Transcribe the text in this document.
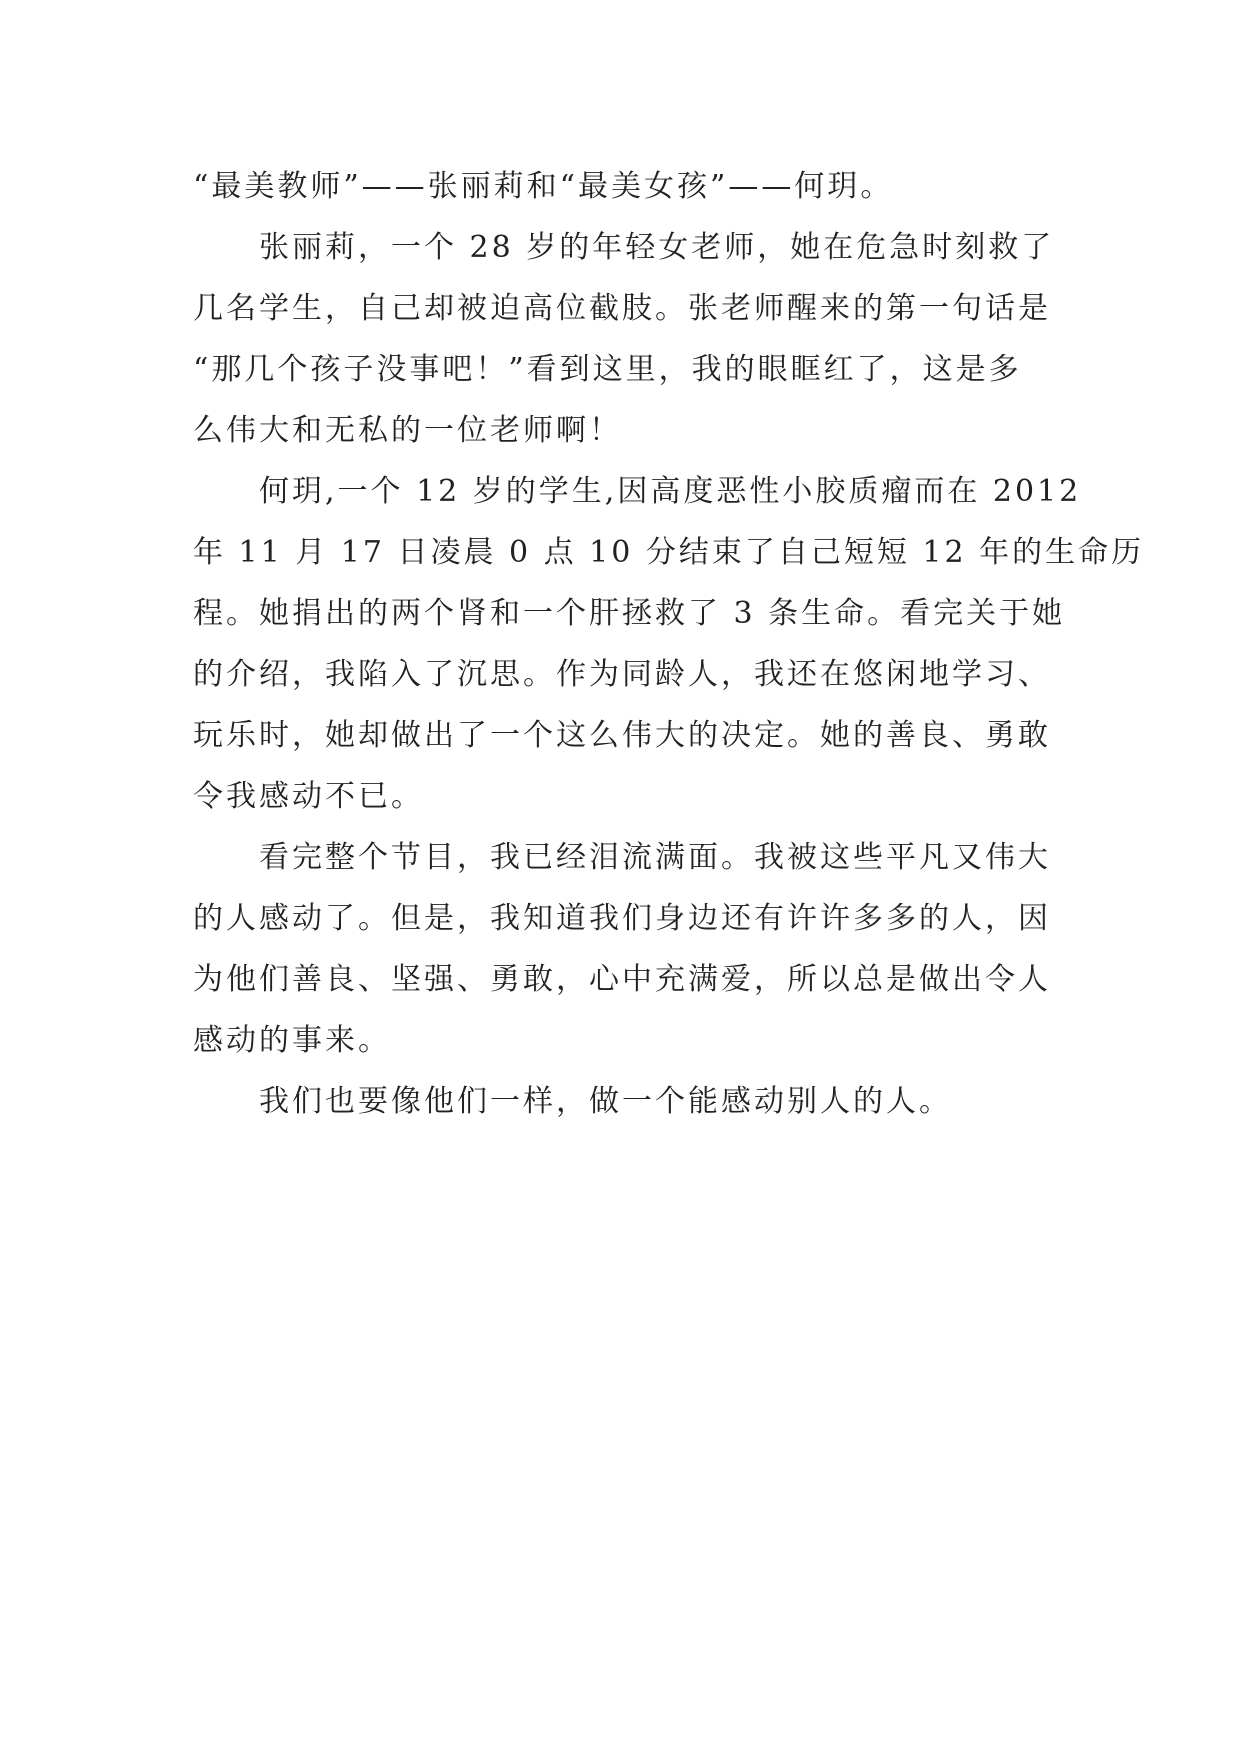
“最美教师”——张丽莉和“最美女孩”——何玥。
张丽莉，一个 28 岁的年轻女老师，她在危急时刻救了
几名学生，自己却被迫高位截肢。张老师醒来的第一句话是
“那几个孩子没事吧！”看到这里，我的眼眶红了，这是多
么伟大和无私的一位老师啊！
何玥,一个 12 岁的学生,因高度恶性小胶质瘤而在 2012
年 11 月 17 日凌晨 0 点 10 分结束了自己短短 12 年的生命历
程。她捐出的两个肾和一个肝拯救了 3 条生命。看完关于她
的介绍，我陷入了沉思。作为同龄人，我还在悠闲地学习、
玩乐时，她却做出了一个这么伟大的决定。她的善良、勇敢
令我感动不已。
看完整个节目，我已经泪流满面。我被这些平凡又伟大
的人感动了。但是，我知道我们身边还有许许多多的人，因
为他们善良、坚强、勇敢，心中充满爱，所以总是做出令人
感动的事来。
我们也要像他们一样，做一个能感动别人的人。
